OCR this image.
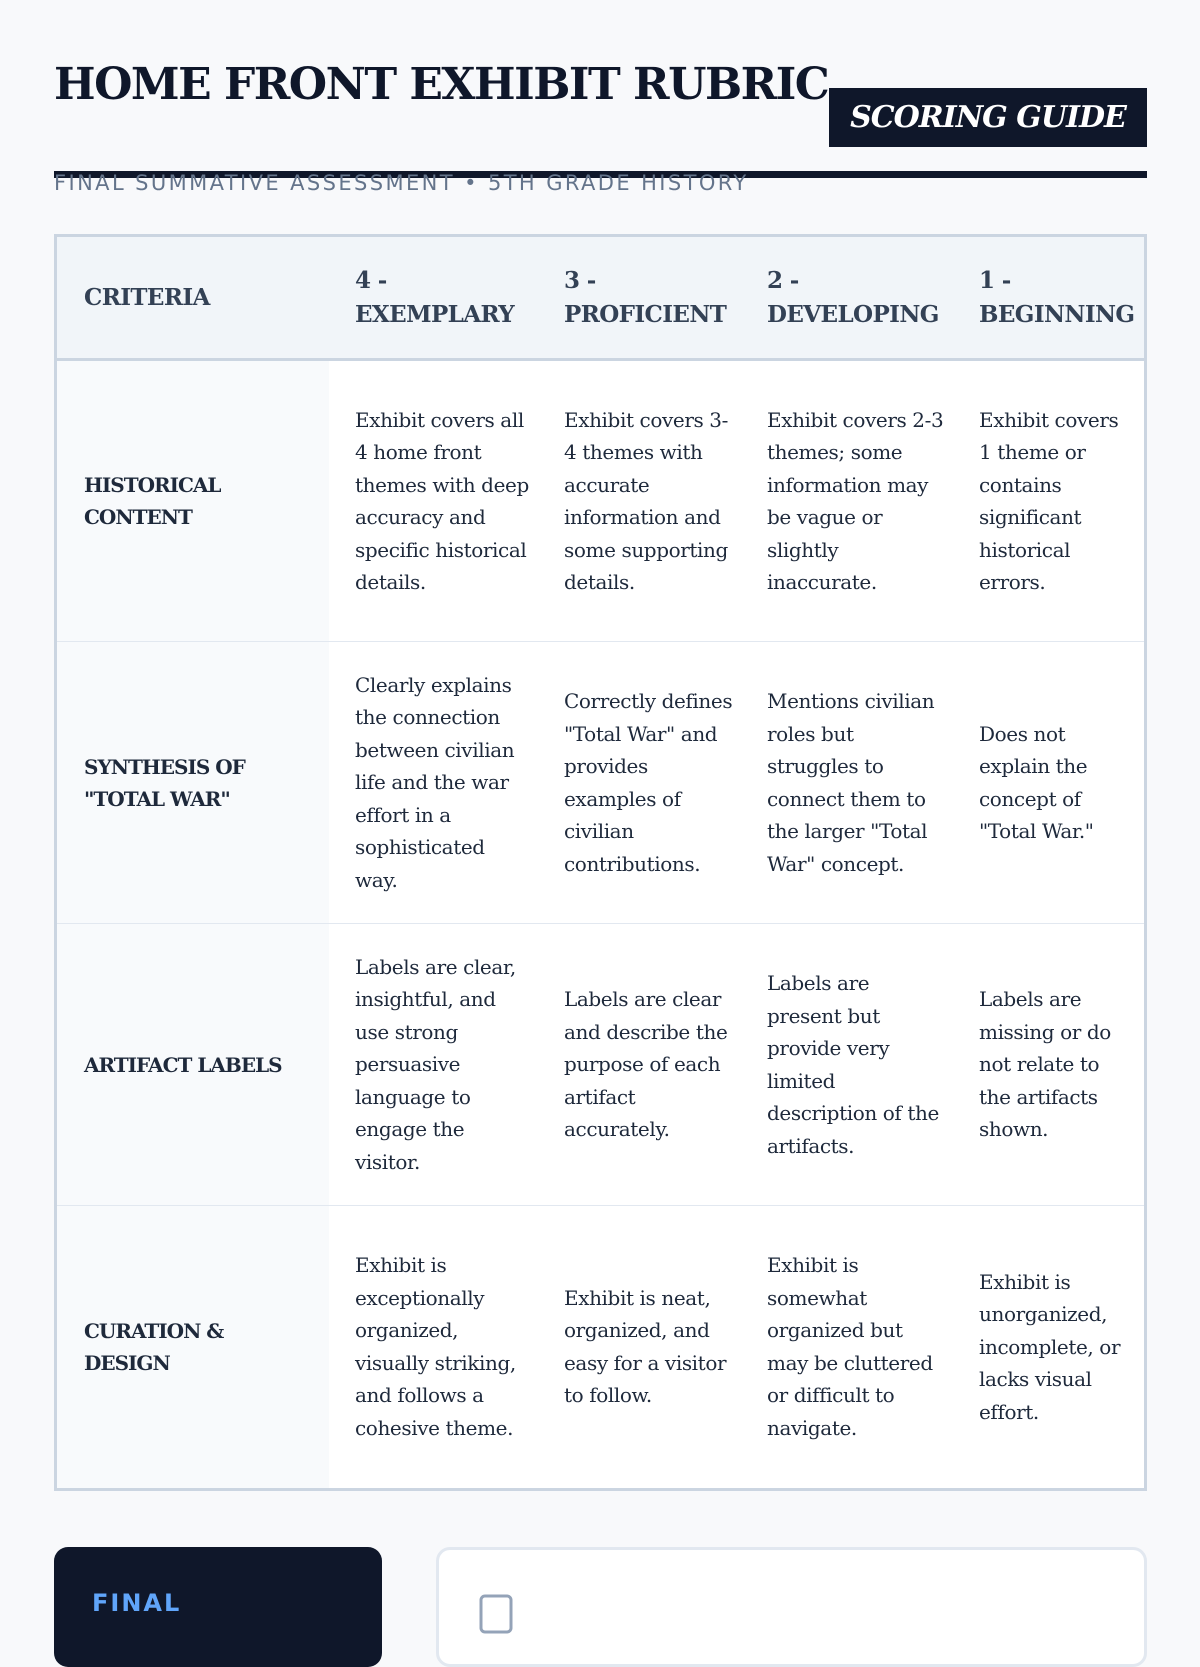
HOME FRONT EXHIBIT RUBRIC
FINAL SUMMATIVE ASSESSMENT • 5TH GRADE HISTORY
SCORING GUIDE
CRITERIA	4 - EXEMPLARY	3 - PROFICIENT	2 - DEVELOPING	1 - BEGINNING
HISTORICAL CONTENT	Exhibit covers all 4 home front themes with deep accuracy and specific historical details.	Exhibit covers 3-4 themes with accurate information and some supporting details.	Exhibit covers 2-3 themes; some information may be vague or slightly inaccurate.	Exhibit covers 1 theme or contains significant historical errors.
SYNTHESIS OF "TOTAL WAR"	Clearly explains the connection between civilian life and the war effort in a sophisticated way.	Correctly defines "Total War" and provides examples of civilian contributions.	Mentions civilian roles but struggles to connect them to the larger "Total War" concept.	Does not explain the concept of "Total War."
ARTIFACT LABELS	Labels are clear, insightful, and use strong persuasive language to engage the visitor.	Labels are clear and describe the purpose of each artifact accurately.	Labels are present but provide very limited description of the artifacts.	Labels are missing or do not relate to the artifacts shown.
CURATION & DESIGN	Exhibit is exceptionally organized, visually striking, and follows a cohesive theme.	Exhibit is neat, organized, and easy for a visitor to follow.	Exhibit is somewhat organized but may be cluttered or difficult to navigate.	Exhibit is unorganized, incomplete, or lacks visual effort.
FINAL
